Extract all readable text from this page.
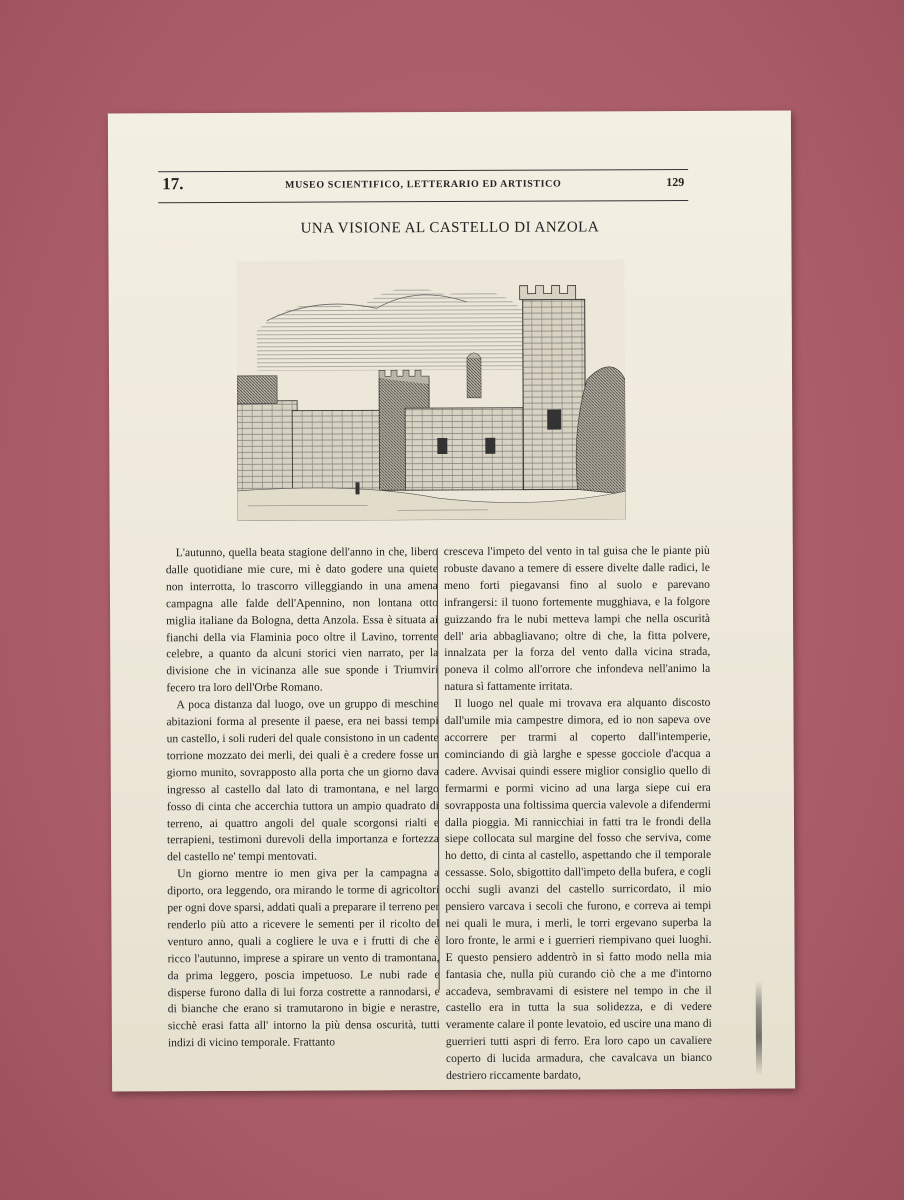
17.	MUSEO SCIENTIFICO, LETTERARIO ED ARTISTICO	129
UNA VISIONE AL CASTELLO DI ANZOLA

L'autunno, quella beata stagione dell'anno in che, libero dalle quotidiane mie cure, mi è dato godere una quiete non interrotta, lo trascorro villeggiando in una amena campagna alle falde dell'Apennino, non lontana otto miglia italiane da Bologna, detta Anzola. Essa è situata ai fianchi della via Flaminia poco oltre il Lavino, torrente celebre, a quanto da alcuni storici vien narrato, per la divisione che in vicinanza alle sue sponde i Triumviri fecero tra loro dell'Orbe Romano.

A poca distanza dal luogo, ove un gruppo di meschine abitazioni forma al presente il paese, era nei bassi tempi un castello, i soli ruderi del quale consistono in un cadente torrione mozzato dei merli, dei quali è a credere fosse un giorno munito, sovrapposto alla porta che un giorno dava ingresso al castello dal lato di tramontana, e nel largo fosso di cinta che accerchia tuttora un ampio quadrato di terreno, ai quattro angoli del quale scorgonsi rialti e terrapieni, testimoni durevoli della importanza e fortezza del castello ne' tempi mentovati.

Un giorno mentre io men giva per la campagna a diporto, ora leggendo, ora mirando le torme di agricoltori per ogni dove sparsi, addati quali a preparare il terreno per renderlo più atto a ricevere le sementi per il ricolto del venturo anno, quali a cogliere le uva e i frutti di che è ricco l'autunno, imprese a spirare un vento di tramontana, da prima leggero, poscia impetuoso. Le nubi rade e disperse furono dalla di lui forza costrette a rannodarsi, e di bianche che erano si tramutarono in bigie e nerastre, sicchè erasi fatta all' intorno la più densa oscurità, tutti indizi di vicino temporale. Frattanto

cresceva l'impeto del vento in tal guisa che le piante più robuste davano a temere di essere divelte dalle radici, le meno forti piegavansi fino al suolo e parevano infrangersi: il tuono fortemente mugghiava, e la folgore guizzando fra le nubi metteva lampi che nella oscurità dell' aria abbagliavano; oltre di che, la fitta polvere, innalzata per la forza del vento dalla vicina strada, poneva il colmo all'orrore che infondeva nell'animo la natura sì fattamente irritata.

Il luogo nel quale mi trovava era alquanto discosto dall'umile mia campestre dimora, ed io non sapeva ove accorrere per trarmi al coperto dall'intemperie, cominciando di già larghe e spesse gocciole d'acqua a cadere. Avvisai quindi essere miglior consiglio quello di fermarmi e pormi vicino ad una larga siepe cui era sovrapposta una foltissima quercia valevole a difendermi dalla pioggia. Mi rannicchiai in fatti tra le frondi della siepe collocata sul margine del fosso che serviva, come ho detto, di cinta al castello, aspettando che il temporale cessasse. Solo, sbigottito dall'impeto della bufera, e cogli occhi sugli avanzi del castello surricordato, il mio pensiero varcava i secoli che furono, e correva ai tempi nei quali le mura, i merli, le torri ergevano superba la loro fronte, le armi e i guerrieri riempivano quei luoghi. E questo pensiero addentrò in sì fatto modo nella mia fantasia che, nulla più curando ciò che a me d'intorno accadeva, sembravami di esistere nel tempo in che il castello era in tutta la sua solidezza, e di vedere veramente calare il ponte levatoio, ed uscire una mano di guerrieri tutti aspri di ferro. Era loro capo un cavaliere coperto di lucida armadura, che cavalcava un bianco destriero riccamente bardato,
